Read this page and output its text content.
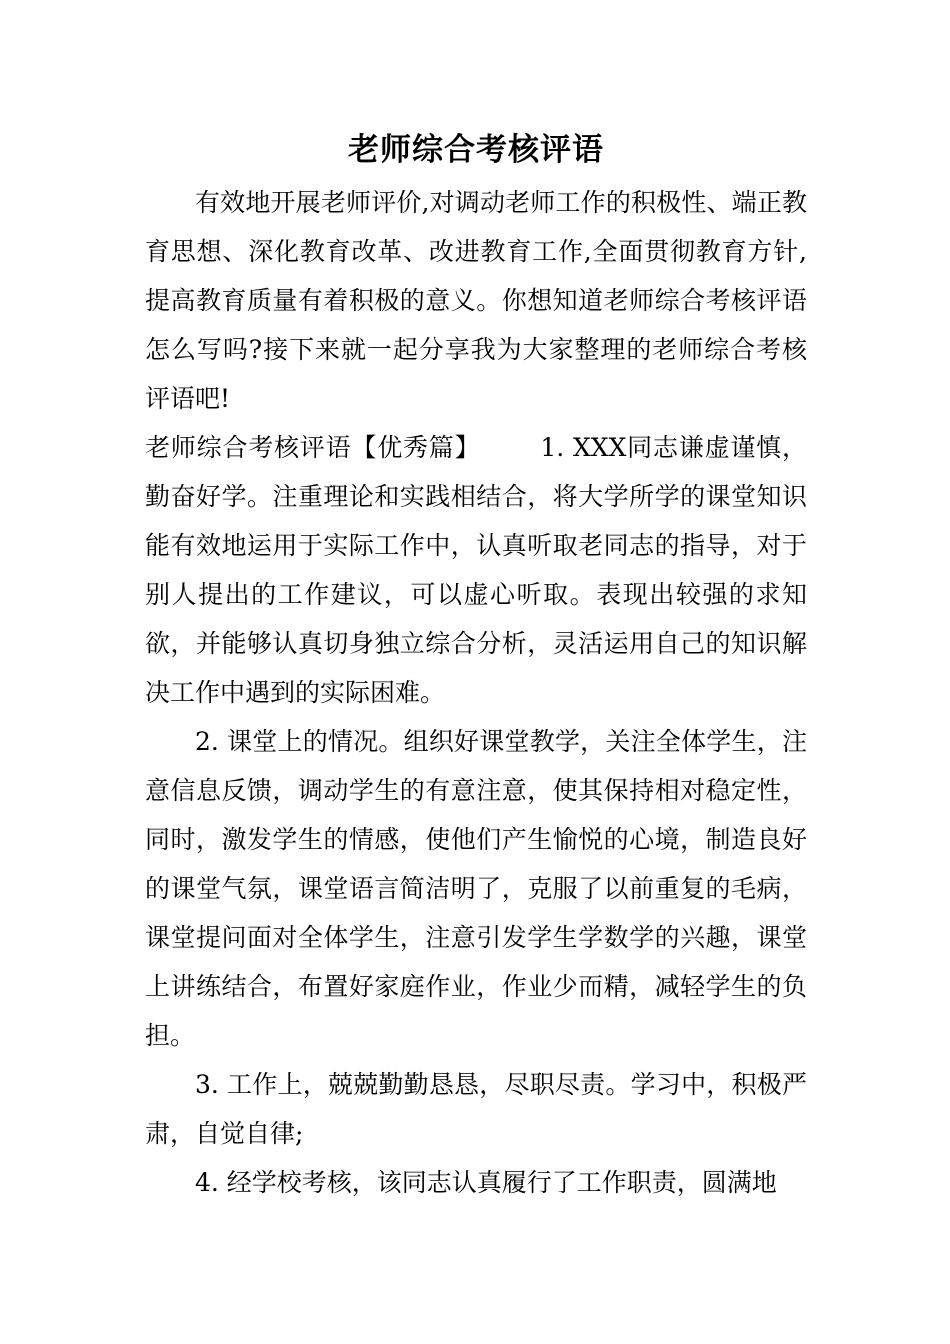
老师综合考核评语

有效地开展老师评价,对调动老师工作的积极性、端正教育思想、深化教育改革、改进教育工作,全面贯彻教育方针,提高教育质量有着积极的意义。你想知道老师综合考核评语怎么写吗?接下来就一起分享我为大家整理的老师综合考核评语吧!

老师综合考核评语【优秀篇】 1. XXX同志谦虚谨慎，勤奋好学。注重理论和实践相结合，将大学所学的课堂知识能有效地运用于实际工作中，认真听取老同志的指导，对于别人提出的工作建议，可以虚心听取。表现出较强的求知欲，并能够认真切身独立综合分析，灵活运用自己的知识解决工作中遇到的实际困难。

2. 课堂上的情况。组织好课堂教学，关注全体学生，注意信息反馈，调动学生的有意注意，使其保持相对稳定性，同时，激发学生的情感，使他们产生愉悦的心境，制造良好的课堂气氛，课堂语言简洁明了，克服了以前重复的毛病，课堂提问面对全体学生，注意引发学生学数学的兴趣，课堂上讲练结合，布置好家庭作业，作业少而精，减轻学生的负担。

3. 工作上，兢兢勤勤恳恳，尽职尽责。学习中，积极严肃，自觉自律;

4. 经学校考核，该同志认真履行了工作职责，圆满地
